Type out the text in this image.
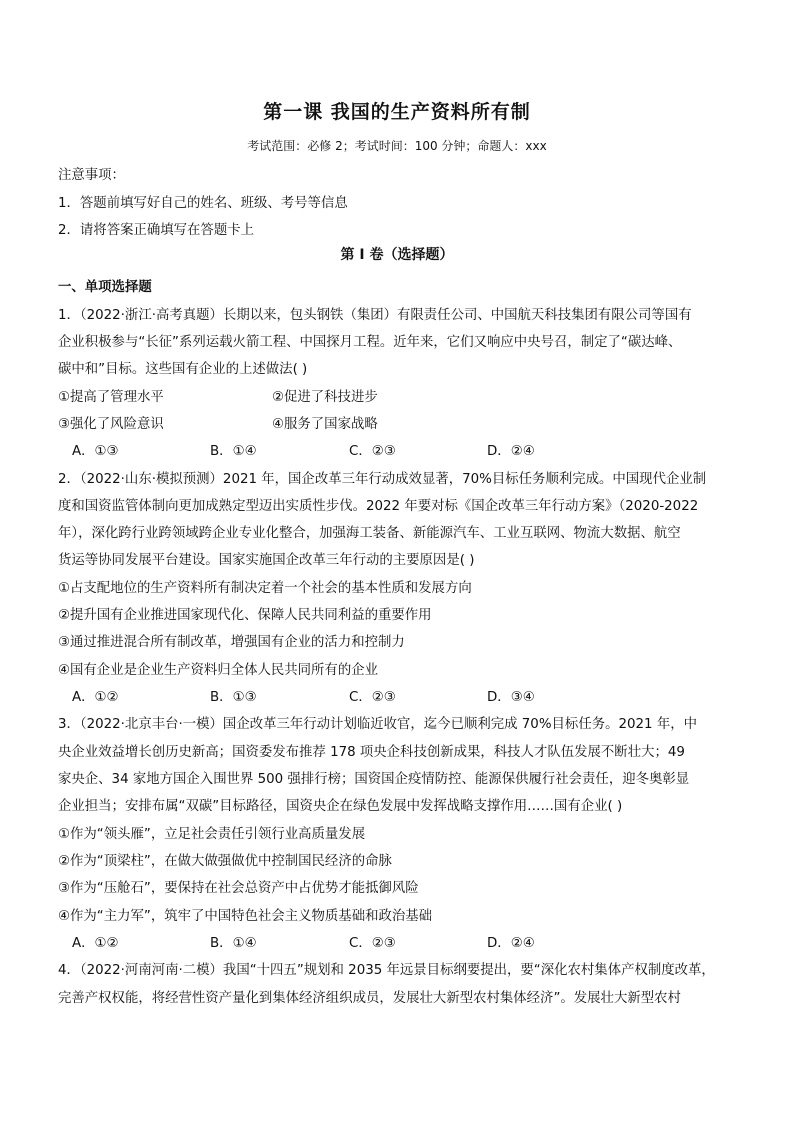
第一课 我国的生产资料所有制
考试范围：必修 2；考试时间：100 分钟；命题人：xxx
注意事项：
1．答题前填写好自己的姓名、班级、考号等信息
2．请将答案正确填写在答题卡上
第 I 卷（选择题）
一、单项选择题
1．（2022·浙江·高考真题）长期以来，包头钢铁（集团）有限责任公司、中国航天科技集团有限公司等国有
企业积极参与“长征”系列运载火箭工程、中国探月工程。近年来，它们又响应中央号召，制定了“碳达峰、
碳中和”目标。这些国有企业的上述做法( )
①提高了管理水平	②促进了科技进步
③强化了风险意识	④服务了国家战略
A．①③	B．①④	C．②③	D．②④
2．（2022·山东·模拟预测）2021 年，国企改革三年行动成效显著，70%目标任务顺利完成。中国现代企业制
度和国资监管体制向更加成熟定型迈出实质性步伐。2022 年要对标《国企改革三年行动方案》（2020-2022
年），深化跨行业跨领域跨企业专业化整合，加强海工装备、新能源汽车、工业互联网、物流大数据、航空
货运等协同发展平台建设。国家实施国企改革三年行动的主要原因是( )
①占支配地位的生产资料所有制决定着一个社会的基本性质和发展方向
②提升国有企业推进国家现代化、保障人民共同利益的重要作用
③通过推进混合所有制改革，增强国有企业的活力和控制力
④国有企业是企业生产资料归全体人民共同所有的企业
A．①②	B．①③	C．②③	D．③④
3．（2022·北京丰台·一模）国企改革三年行动计划临近收官，迄今已顺利完成 70%目标任务。2021 年，中
央企业效益增长创历史新高；国资委发布推荐 178 项央企科技创新成果，科技人才队伍发展不断壮大；49
家央企、34 家地方国企入围世界 500 强排行榜；国资国企疫情防控、能源保供履行社会责任，迎冬奥彰显
企业担当；安排布属“双碳”目标路径，国资央企在绿色发展中发挥战略支撑作用……国有企业( )
①作为“领头雁”，立足社会责任引领行业高质量发展
②作为“顶梁柱”，在做大做强做优中控制国民经济的命脉
③作为“压舱石”，要保持在社会总资产中占优势才能抵御风险
④作为“主力军”，筑牢了中国特色社会主义物质基础和政治基础
A．①②	B．①④	C．②③	D．②④
4．（2022·河南河南·二模）我国“十四五”规划和 2035 年远景目标纲要提出，要“深化农村集体产权制度改革，
完善产权权能，将经营性资产量化到集体经济组织成员，发展壮大新型农村集体经济”。发展壮大新型农村
